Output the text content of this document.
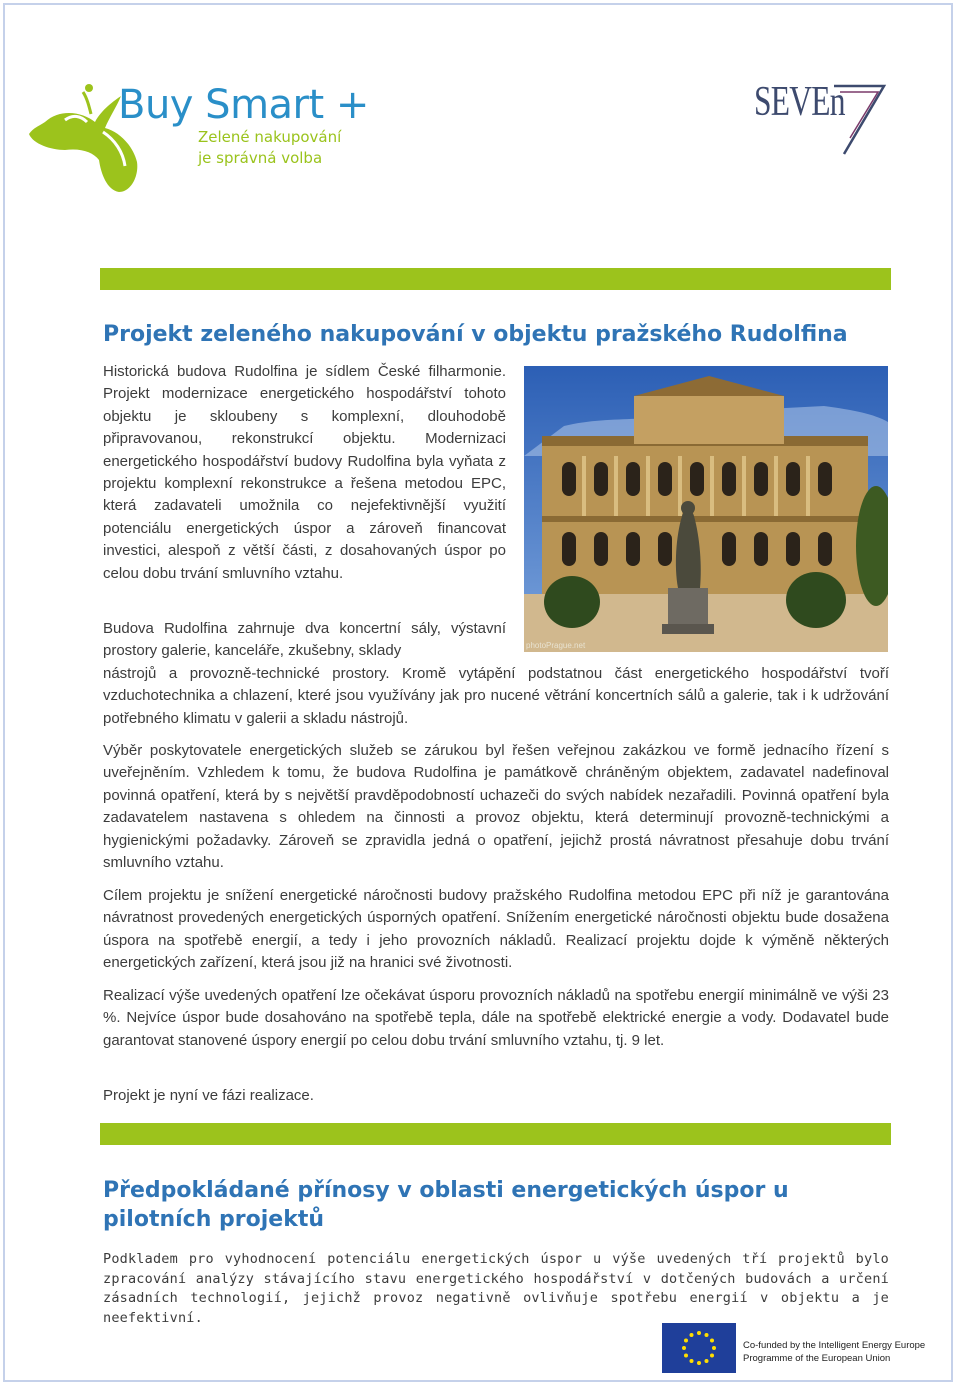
Buy Smart +
Zelené nakupování
je správná volba
SEVEn
Projekt zeleného nakupování v objektu pražského Rudolfina

Historická budova Rudolfina je sídlem České filharmonie. Projekt modernizace energetického hospodářství tohoto objektu je skloubeny s komplexní, dlouhodobě připravovanou, rekonstrukcí objektu. Modernizaci energetického hospodářství budovy Rudolfina byla vyňata z projektu komplexní rekonstrukce a řešena metodou EPC, která zadavateli umožnila co nejefektivnější využití potenciálu energetických úspor a zároveň financovat investici, alespoň z větší části, z dosahovaných úspor po celou dobu trvání smluvního vztahu.

photoPrague.net

Budova Rudolfina zahrnuje dva koncertní sály, výstavní prostory galerie, kanceláře, zkušebny, sklady

nástrojů a provozně-technické prostory. Kromě vytápění podstatnou část energetického hospodářství tvoří vzduchotechnika a chlazení, které jsou využívány jak pro nucené větrání koncertních sálů a galerie, tak i k udržování potřebného klimatu v galerii a skladu nástrojů.

Výběr poskytovatele energetických služeb se zárukou byl řešen veřejnou zakázkou ve formě jednacího řízení s uveřejněním. Vzhledem k tomu, že budova Rudolfina je památkově chráněným objektem, zadavatel nadefinoval povinná opatření, která by s největší pravděpodobností uchazeči do svých nabídek nezařadili. Povinná opatření byla zadavatelem nastavena s ohledem na činnosti a provoz objektu, která determinují provozně-technickými a hygienickými požadavky. Zároveň se zpravidla jedná o opatření, jejichž prostá návratnost přesahuje dobu trvání smluvního vztahu.

Cílem projektu je snížení energetické náročnosti budovy pražského Rudolfina metodou EPC při níž je garantována návratnost provedených energetických úsporných opatření. Snížením energetické náročnosti objektu bude dosažena úspora na spotřebě energií, a tedy i jeho provozních nákladů. Realizací projektu dojde k výměně některých energetických zařízení, která jsou již na hranici své životnosti.

Realizací výše uvedených opatření lze očekávat úsporu provozních nákladů na spotřebu energií minimálně ve výši 23 %. Nejvíce úspor bude dosahováno na spotřebě tepla, dále na spotřebě elektrické energie a vody. Dodavatel bude garantovat stanovené úspory energií po celou dobu trvání smluvního vztahu, tj. 9 let.

Projekt je nyní ve fázi realizace.

Předpokládané přínosy v oblasti energetických úspor u pilotních projektů

Podkladem pro vyhodnocení potenciálu energetických úspor u výše uvedených tří projektů bylo zpracování analýzy stávajícího stavu energetického hospodářství v dotčených budovách a určení zásadních technologií, jejichž provoz negativně ovlivňuje spotřebu energií v objektu a je neefektivní.

Co-funded by the Intelligent Energy Europe
Programme of the European Union
